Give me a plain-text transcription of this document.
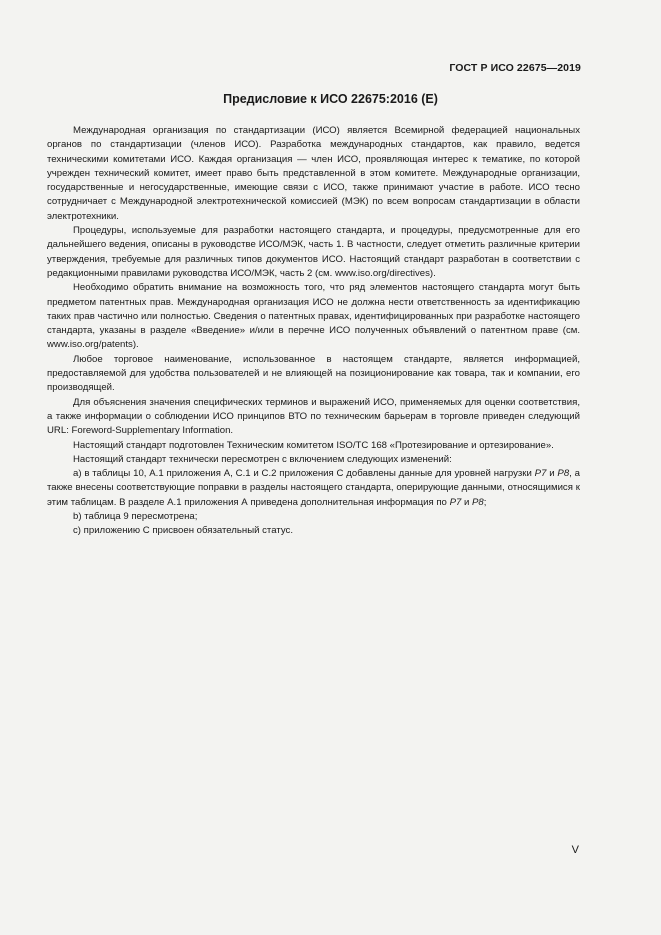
ГОСТ Р ИСО 22675—2019
Предисловие к ИСО 22675:2016 (E)

Международная организация по стандартизации (ИСО) является Всемирной федерацией национальных органов по стандартизации (членов ИСО). Разработка международных стандартов, как правило, ведется техническими комитетами ИСО. Каждая организация — член ИСО, проявляющая интерес к тематике, по которой учрежден технический комитет, имеет право быть представленной в этом комитете. Международные организации, государственные и негосударственные, имеющие связи с ИСО, также принимают участие в работе. ИСО тесно сотрудничает с Международной электротехнической комиссией (МЭК) по всем вопросам стандартизации в области электротехники.

Процедуры, используемые для разработки настоящего стандарта, и процедуры, предусмотренные для его дальнейшего ведения, описаны в руководстве ИСО/МЭК, часть 1. В частности, следует отметить различные критерии утверждения, требуемые для различных типов документов ИСО. Настоящий стандарт разработан в соответствии с редакционными правилами руководства ИСО/МЭК, часть 2 (см. www.iso.org/directives).

Необходимо обратить внимание на возможность того, что ряд элементов настоящего стандарта могут быть предметом патентных прав. Международная организация ИСО не должна нести ответственность за идентификацию таких прав частично или полностью. Сведения о патентных правах, идентифицированных при разработке настоящего стандарта, указаны в разделе «Введение» и/или в перечне ИСО полученных объявлений о патентном праве (см. www.iso.org/patents).

Любое торговое наименование, использованное в настоящем стандарте, является информацией, предоставляемой для удобства пользователей и не влияющей на позиционирование как товара, так и компании, его производящей.

Для объяснения значения специфических терминов и выражений ИСО, применяемых для оценки соответствия, а также информации о соблюдении ИСО принципов ВТО по техническим барьерам в торговле приведен следующий URL: Foreword-Supplementary Information.

Настоящий стандарт подготовлен Техническим комитетом ISO/TC 168 «Протезирование и ортезирование».

Настоящий стандарт технически пересмотрен с включением следующих изменений:

a) в таблицы 10, А.1 приложения А, С.1 и С.2 приложения С добавлены данные для уровней нагрузки P7 и P8, а также внесены соответствующие поправки в разделы настоящего стандарта, оперирующие данными, относящимися к этим таблицам. В разделе А.1 приложения А приведена дополнительная информация по P7 и P8;

b) таблица 9 пересмотрена;

c) приложению С присвоен обязательный статус.

V
